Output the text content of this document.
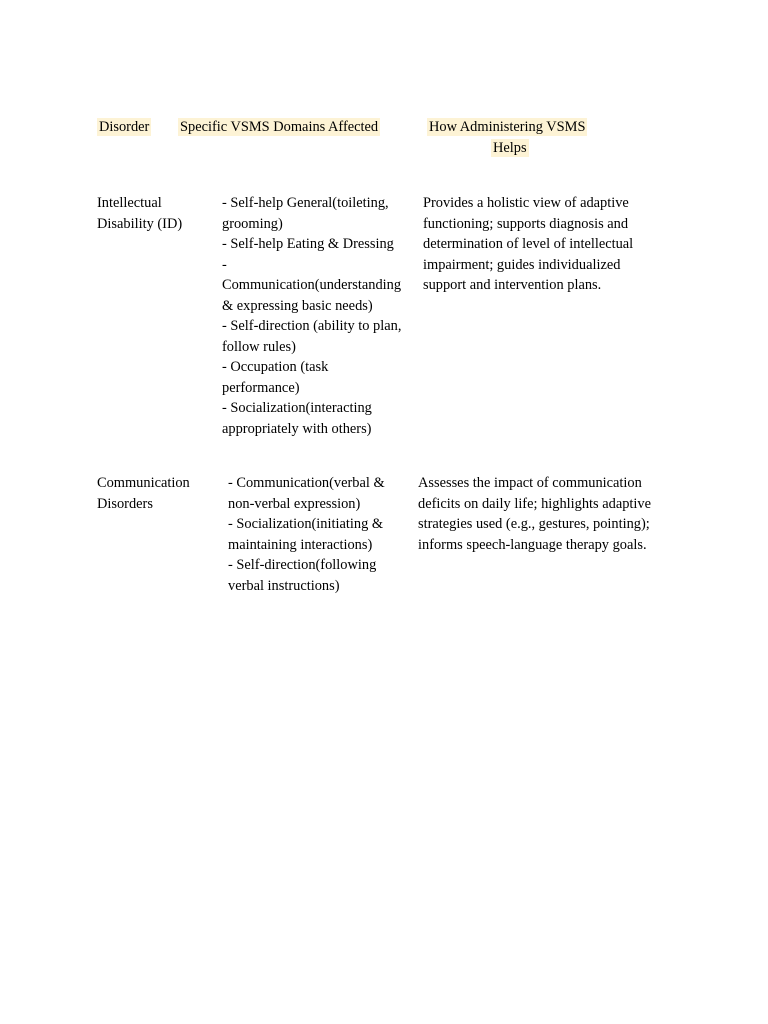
Disorder Specific VSMS Domains Affected	How Administering VSMS
Helps
Intellectual
Disability (ID)
- Self-help General(toileting,
grooming)
- Self-help Eating & Dressing
-
Communication(understanding
& expressing basic needs)
- Self-direction (ability to plan,
follow rules)
- Occupation (task
performance)
- Socialization(interacting
appropriately with others)
Provides a holistic view of adaptive
functioning; supports diagnosis and
determination of level of intellectual
impairment; guides individualized
support and intervention plans.
Communication
Disorders
- Communication(verbal &
non-verbal expression)
- Socialization(initiating &
maintaining interactions)
- Self-direction(following
verbal instructions)
Assesses the impact of communication
deficits on daily life; highlights adaptive
strategies used (e.g., gestures, pointing);
informs speech-language therapy goals.
